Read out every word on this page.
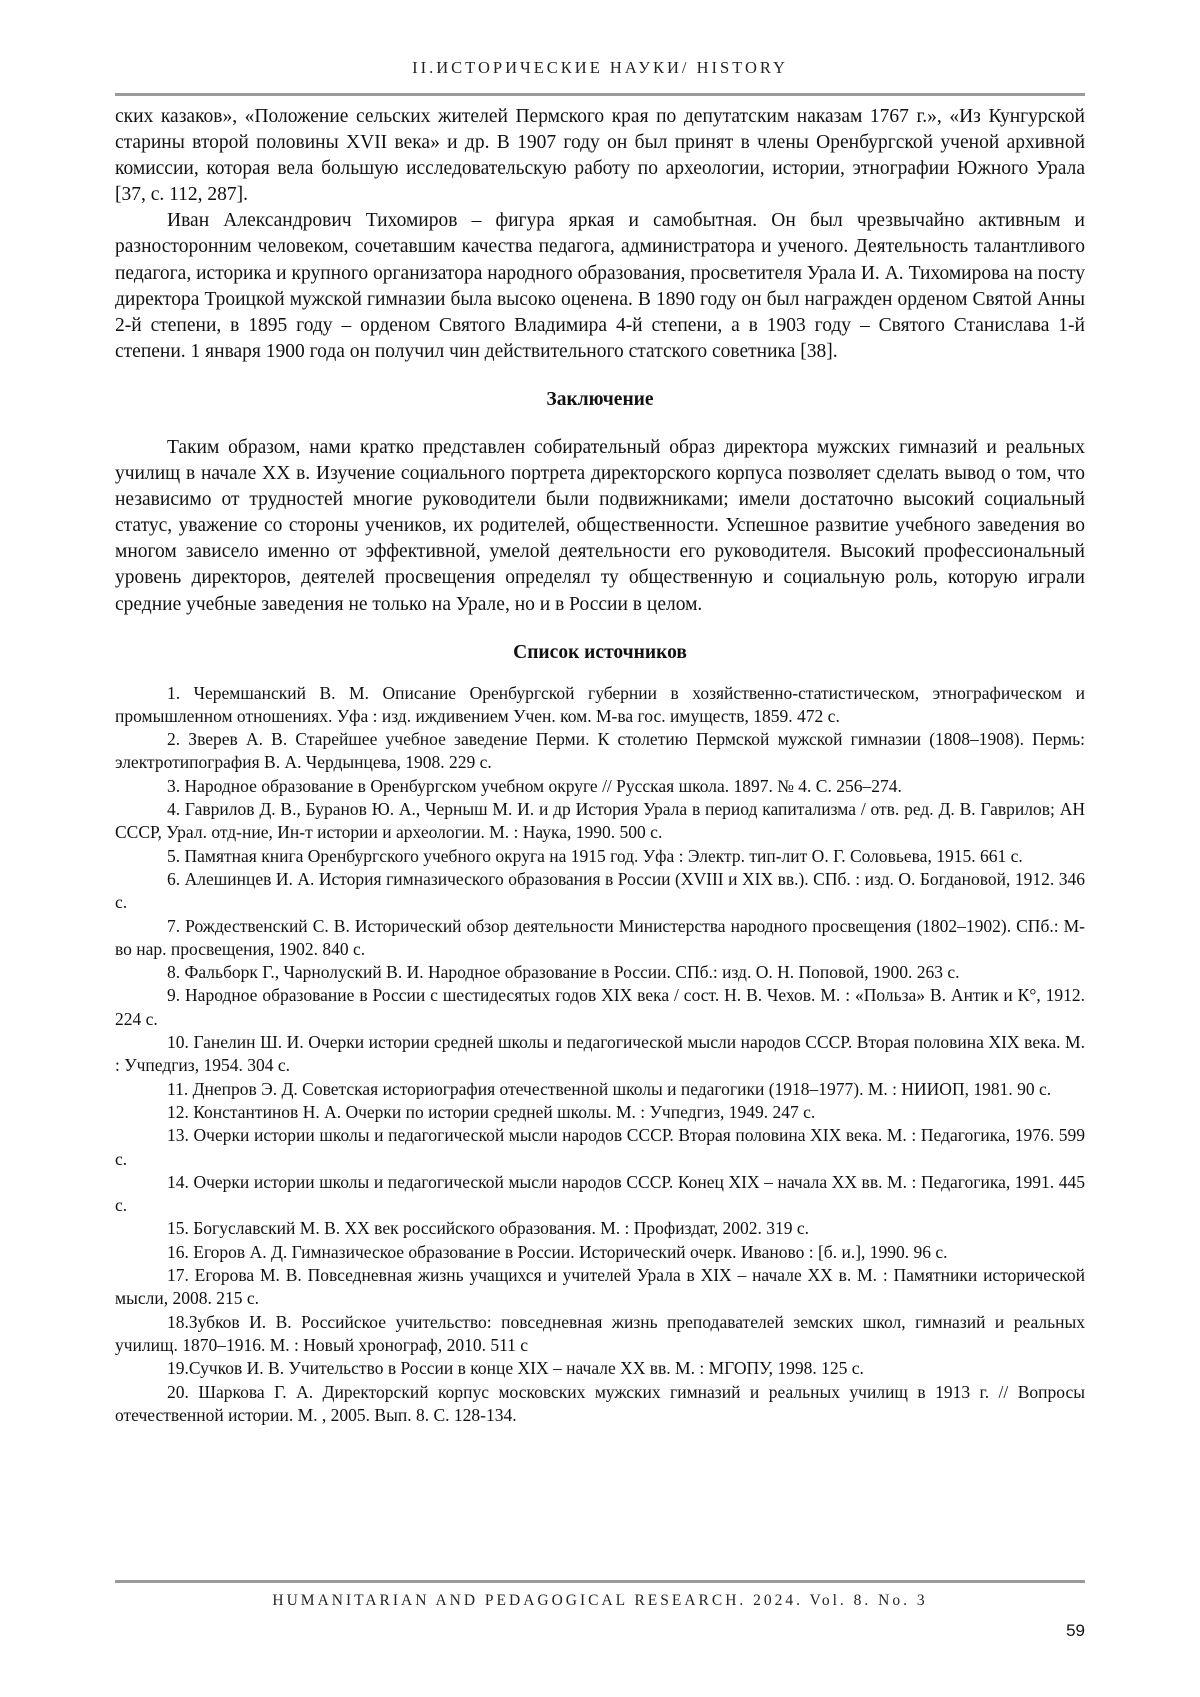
II.ИСТОРИЧЕСКИЕ НАУКИ/ HISTORY

ских казаков», «Положение сельских жителей Пермского края по депутатским наказам 1767 г.», «Из Кунгурской старины второй половины XVII века» и др. В 1907 году он был принят в члены Оренбургской ученой архивной комиссии, которая вела большую исследовательскую работу по археологии, истории, этнографии Южного Урала [37, с. 112, 287].

Иван Александрович Тихомиров – фигура яркая и самобытная. Он был чрезвычайно активным и разносторонним человеком, сочетавшим качества педагога, администратора и ученого. Деятельность талантливого педагога, историка и крупного организатора народного образования, просветителя Урала И. А. Тихомирова на посту директора Троицкой мужской гимназии была высоко оценена. В 1890 году он был награжден орденом Святой Анны 2-й степени, в 1895 году – орденом Святого Владимира 4-й степени, а в 1903 году – Святого Станислава 1-й степени. 1 января 1900 года он получил чин действительного статского советника [38].

Заключение

Таким образом, нами кратко представлен собирательный образ директора мужских гимназий и реальных училищ в начале XX в. Изучение социального портрета директорского корпуса позволяет сделать вывод о том, что независимо от трудностей многие руководители были подвижниками; имели достаточно высокий социальный статус, уважение со стороны учеников, их родителей, общественности. Успешное развитие учебного заведения во многом зависело именно от эффективной, умелой деятельности его руководителя. Высокий профессиональный уровень директоров, деятелей просвещения определял ту общественную и социальную роль, которую играли средние учебные заведения не только на Урале, но и в России в целом.

Список источников
1. Черемшанский В. М. Описание Оренбургской губернии в хозяйственно-статистическом, этнографическом и промышленном отношениях. Уфа : изд. иждивением Учен. ком. М-ва гос. имуществ, 1859. 472 с.
2. Зверев А. В. Старейшее учебное заведение Перми. К столетию Пермской мужской гимназии (1808–1908). Пермь: электротипография В. А. Чердынцева, 1908. 229 с.
3. Народное образование в Оренбургском учебном округе // Русская школа. 1897. № 4. С. 256–274.
4. Гаврилов Д. В., Буранов Ю. А., Черныш М. И. и др История Урала в период капитализма / отв. ред. Д. В. Гаврилов; АН СССР, Урал. отд-ние, Ин-т истории и археологии. М. : Наука, 1990. 500 с.
5. Памятная книга Оренбургского учебного округа на 1915 год. Уфа : Электр. тип-лит О. Г. Соловьева, 1915. 661 с.
6. Алешинцев И. А. История гимназического образования в России (XVIII и XIX вв.). СПб. : изд. О. Богдановой, 1912. 346 с.
7. Рождественский С. В. Исторический обзор деятельности Министерства народного просвещения (1802–1902). СПб.: М-во нар. просвещения, 1902. 840 с.
8. Фальборк Г., Чарнолуский В. И. Народное образование в России. СПб.: изд. О. Н. Поповой, 1900. 263 с.
9. Народное образование в России с шестидесятых годов XIX века / сост. Н. В. Чехов. М. : «Польза» В. Антик и К°, 1912. 224 с.
10. Ганелин Ш. И. Очерки истории средней школы и педагогической мысли народов СССР. Вторая половина XIX века. М. : Учпедгиз, 1954. 304 с.
11. Днепров Э. Д. Советская историография отечественной школы и педагогики (1918–1977). М. : НИИОП, 1981. 90 с.
12. Константинов Н. А. Очерки по истории средней школы. М. : Учпедгиз, 1949. 247 с.
13. Очерки истории школы и педагогической мысли народов СССР. Вторая половина XIX века. М. : Педагогика, 1976. 599 с.
14. Очерки истории школы и педагогической мысли народов СССР. Конец XIX – начала XX вв. М. : Педагогика, 1991. 445 с.
15. Богуславский М. В. XX век российского образования. М. : Профиздат, 2002. 319 с.
16. Егоров А. Д. Гимназическое образование в России. Исторический очерк. Иваново : [б. и.], 1990. 96 с.
17. Егорова М. В. Повседневная жизнь учащихся и учителей Урала в XIX – начале XX в. М. : Памятники исторической мысли, 2008. 215 с.
18.Зубков И. В. Российское учительство: повседневная жизнь преподавателей земских школ, гимназий и реальных училищ. 1870–1916. М. : Новый хронограф, 2010. 511 с
19.Сучков И. В. Учительство в России в конце XIX – начале XX вв. М. : МГОПУ, 1998. 125 с.
20. Шаркова Г. А. Директорский корпус московских мужских гимназий и реальных училищ в 1913 г. // Вопросы отечественной истории. М. , 2005. Вып. 8. С. 128-134.
HUMANITARIAN AND PEDAGOGICAL RESEARCH. 2024. Vol. 8. No. 3
59
